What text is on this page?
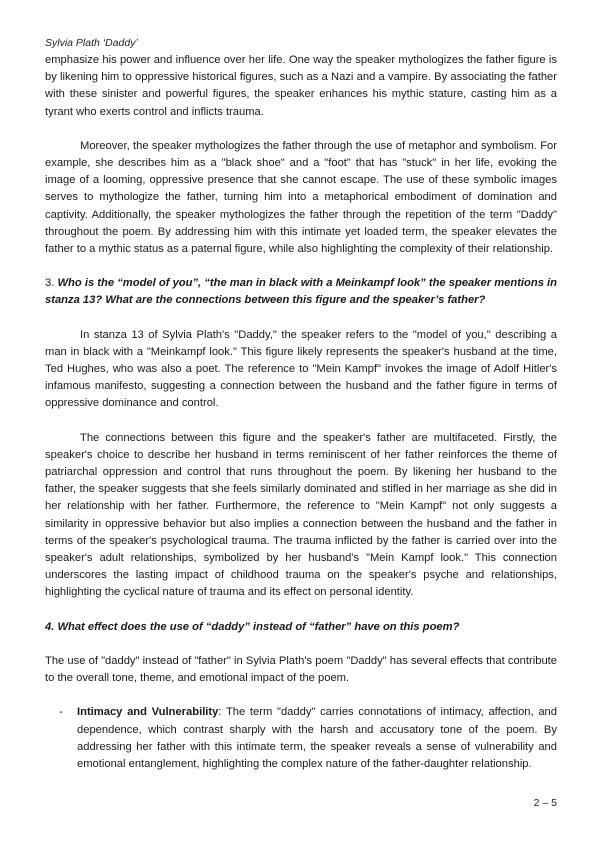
Sylvia Plath ‘Daddy’

emphasize his power and influence over her life. One way the speaker mythologizes the father figure is by likening him to oppressive historical figures, such as a Nazi and a vampire. By associating the father with these sinister and powerful figures, the speaker enhances his mythic stature, casting him as a tyrant who exerts control and inflicts trauma.

Moreover, the speaker mythologizes the father through the use of metaphor and symbolism. For example, she describes him as a "black shoe" and a "foot" that has "stuck" in her life, evoking the image of a looming, oppressive presence that she cannot escape. The use of these symbolic images serves to mythologize the father, turning him into a metaphorical embodiment of domination and captivity. Additionally, the speaker mythologizes the father through the repetition of the term "Daddy" throughout the poem. By addressing him with this intimate yet loaded term, the speaker elevates the father to a mythic status as a paternal figure, while also highlighting the complexity of their relationship.

3. Who is the “model of you”, “the man in black with a Meinkampf look” the speaker mentions in stanza 13? What are the connections between this figure and the speaker’s father?

In stanza 13 of Sylvia Plath's "Daddy," the speaker refers to the "model of you," describing a man in black with a "Meinkampf look." This figure likely represents the speaker's husband at the time, Ted Hughes, who was also a poet. The reference to "Mein Kampf" invokes the image of Adolf Hitler's infamous manifesto, suggesting a connection between the husband and the father figure in terms of oppressive dominance and control.

The connections between this figure and the speaker's father are multifaceted. Firstly, the speaker's choice to describe her husband in terms reminiscent of her father reinforces the theme of patriarchal oppression and control that runs throughout the poem. By likening her husband to the father, the speaker suggests that she feels similarly dominated and stifled in her marriage as she did in her relationship with her father. Furthermore, the reference to "Mein Kampf" not only suggests a similarity in oppressive behavior but also implies a connection between the husband and the father in terms of the speaker's psychological trauma. The trauma inflicted by the father is carried over into the speaker's adult relationships, symbolized by her husband's "Mein Kampf look." This connection underscores the lasting impact of childhood trauma on the speaker's psyche and relationships, highlighting the cyclical nature of trauma and its effect on personal identity.

4. What effect does the use of “daddy” instead of “father” have on this poem?

The use of "daddy" instead of "father" in Sylvia Plath's poem "Daddy" has several effects that contribute to the overall tone, theme, and emotional impact of the poem.

-	Intimacy and Vulnerability: The term "daddy" carries connotations of intimacy, affection, and dependence, which contrast sharply with the harsh and accusatory tone of the poem. By addressing her father with this intimate term, the speaker reveals a sense of vulnerability and emotional entanglement, highlighting the complex nature of the father-daughter relationship.
2 – 5
